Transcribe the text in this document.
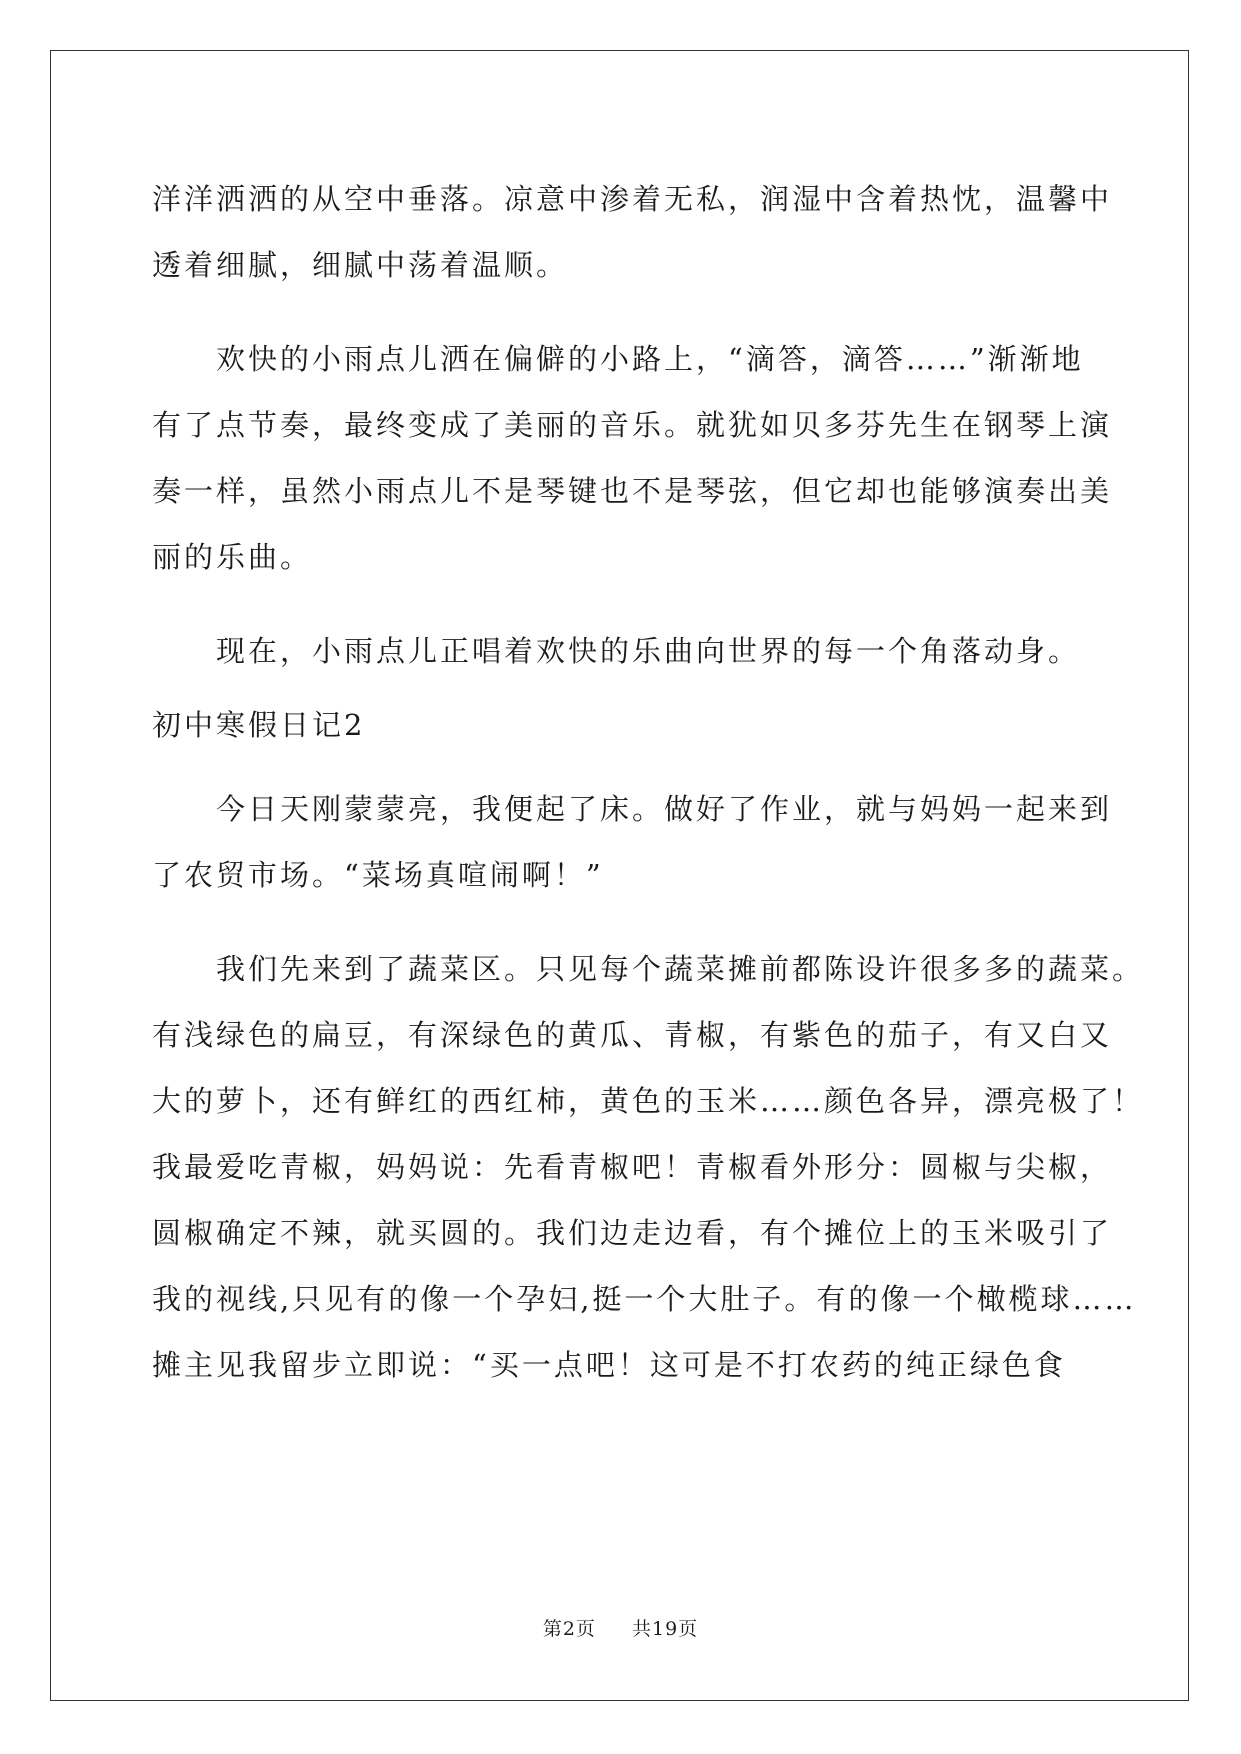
洋洋洒洒的从空中垂落。凉意中渗着无私，润湿中含着热忱，温馨中
透着细腻，细腻中荡着温顺。
欢快的小雨点儿洒在偏僻的小路上，“滴答，滴答……”渐渐地
有了点节奏，最终变成了美丽的音乐。就犹如贝多芬先生在钢琴上演
奏一样，虽然小雨点儿不是琴键也不是琴弦，但它却也能够演奏出美
丽的乐曲。
现在，小雨点儿正唱着欢快的乐曲向世界的每一个角落动身。
初中寒假日记2
今日天刚蒙蒙亮，我便起了床。做好了作业，就与妈妈一起来到
了农贸市场。“菜场真喧闹啊！”
我们先来到了蔬菜区。只见每个蔬菜摊前都陈设许很多多的蔬菜。
有浅绿色的扁豆，有深绿色的黄瓜、青椒，有紫色的茄子，有又白又
大的萝卜，还有鲜红的西红柿，黄色的玉米……颜色各异，漂亮极了！
我最爱吃青椒，妈妈说：先看青椒吧！青椒看外形分：圆椒与尖椒，
圆椒确定不辣，就买圆的。我们边走边看，有个摊位上的玉米吸引了
我的视线,只见有的像一个孕妇,挺一个大肚子。有的像一个橄榄球……
摊主见我留步立即说：“买一点吧！这可是不打农药的纯正绿色食
第2页 共19页
